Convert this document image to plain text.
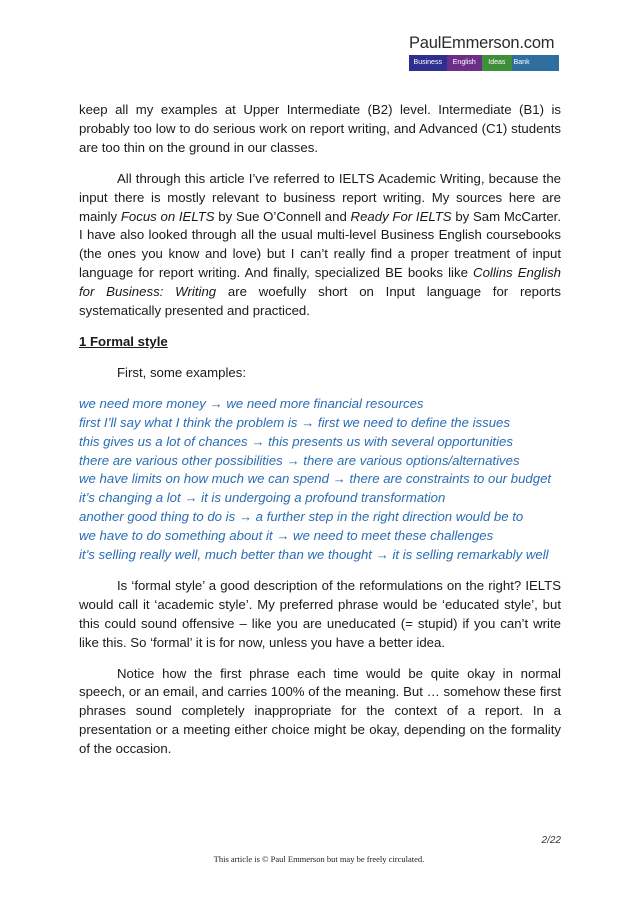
PaulEmmerson.com
Business	English	Ideas	Bank

keep all my examples at Upper Intermediate (B2) level. Intermediate (B1) is probably too low to do serious work on report writing, and Advanced (C1) students are too thin on the ground in our classes.

All through this article I’ve referred to IELTS Academic Writing, because the input there is mostly relevant to business report writing. My sources here are mainly Focus on IELTS by Sue O’Connell and Ready For IELTS by Sam McCarter. I have also looked through all the usual multi-level Business English coursebooks (the ones you know and love) but I can’t really find a proper treatment of input language for report writing. And finally, specialized BE books like Collins English for Business: Writing are woefully short on Input language for reports systematically presented and practiced.

1 Formal style

First, some examples:

we need more money → we need more financial resources
first I’ll say what I think the problem is → first we need to define the issues
this gives us a lot of chances → this presents us with several opportunities
there are various other possibilities → there are various options/alternatives
we have limits on how much we can spend → there are constraints to our budget
it’s changing a lot → it is undergoing a profound transformation
another good thing to do is → a further step in the right direction would be to
we have to do something about it → we need to meet these challenges
it’s selling really well, much better than we thought → it is selling remarkably well

Is ‘formal style’ a good description of the reformulations on the right? IELTS would call it ‘academic style’. My preferred phrase would be ‘educated style’, but this could sound offensive – like you are uneducated (= stupid) if you can’t write like this. So ‘formal’ it is for now, unless you have a better idea.

Notice how the first phrase each time would be quite okay in normal speech, or an email, and carries 100% of the meaning. But … somehow these first phrases sound completely inappropriate for the context of a report. In a presentation or a meeting either choice might be okay, depending on the formality of the occasion.

2/22
This article is © Paul Emmerson but may be freely circulated.
